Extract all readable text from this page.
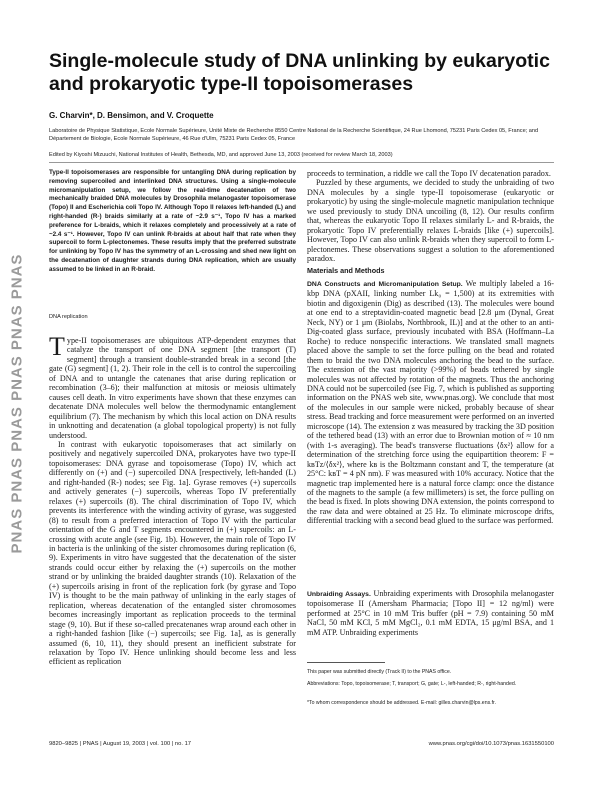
PNAS PNAS PNAS PNAS PNAS PNAS
Single-molecule study of DNA unlinking by eukaryotic and prokaryotic type-II topoisomerases

G. Charvin*, D. Bensimon, and V. Croquette

Laboratoire de Physique Statistique, Ecole Normale Supérieure, Unité Mixte de Recherche 8550 Centre National de la Recherche Scientifique, 24 Rue Lhomond, 75231 Paris Cedex 05, France; and Département de Biologie, Ecole Normale Supérieure, 46 Rue d'Ulm, 75231 Paris Cedex 05, France

Edited by Kiyoshi Mizuuchi, National Institutes of Health, Bethesda, MD, and approved June 13, 2003 (received for review March 18, 2003)

Type-II topoisomerases are responsible for untangling DNA during replication by removing supercoiled and interlinked DNA structures. Using a single-molecule micromanipulation setup, we follow the real-time decatenation of two mechanically braided DNA molecules by Drosophila melanogaster topoisomerase (Topo) II and Escherichia coli Topo IV. Although Topo II relaxes left-handed (L) and right-handed (R-) braids similarly at a rate of ~2.9 s⁻¹, Topo IV has a marked preference for L-braids, which it relaxes completely and processively at a rate of ~2.4 s⁻¹. However, Topo IV can unlink R-braids at about half that rate when they supercoil to form L-plectonemes. These results imply that the preferred substrate for unlinking by Topo IV has the symmetry of an L-crossing and shed new light on the decatenation of daughter strands during DNA replication, which are usually assumed to be linked in an R-braid.

DNA replication

Type-II topoisomerases are ubiquitous ATP-dependent enzymes that catalyze the transport of one DNA segment [the transport (T) segment] through a transient double-stranded break in a second [the gate (G) segment] (1, 2). Their role in the cell is to control the supercoiling of DNA and to untangle the catenanes that arise during replication or recombination (3–6); their malfunction at mitosis or meiosis ultimately causes cell death. In vitro experiments have shown that these enzymes can decatenate DNA molecules well below the thermodynamic entanglement equilibrium (7). The mechanism by which this local action on DNA results in unknotting and decatenation (a global topological property) is not fully understood.

In contrast with eukaryotic topoisomerases that act similarly on positively and negatively supercoiled DNA, prokaryotes have two type-II topoisomerases: DNA gyrase and topoisomerase (Topo) IV, which act differently on (+) and (−) supercoiled DNA [respectively, left-handed (L) and right-handed (R-) nodes; see Fig. 1a]. Gyrase removes (+) supercoils and actively generates (−) supercoils, whereas Topo IV preferentially relaxes (+) supercoils (8). The chiral discrimination of Topo IV, which prevents its interference with the winding activity of gyrase, was suggested (8) to result from a preferred interaction of Topo IV with the particular orientation of the G and T segments encountered in (+) supercoils: an L-crossing with acute angle (see Fig. 1b). However, the main role of Topo IV in bacteria is the unlinking of the sister chromosomes during replication (6, 9). Experiments in vitro have suggested that the decatenation of the sister strands could occur either by relaxing the (+) supercoils on the mother strand or by unlinking the braided daughter strands (10). Relaxation of the (+) supercoils arising in front of the replication fork (by gyrase and Topo IV) is thought to be the main pathway of unlinking in the early stages of replication, whereas decatenation of the entangled sister chromosomes becomes increasingly important as replication proceeds to the terminal stage (9, 10). But if these so-called precatenanes wrap around each other in a right-handed fashion [like (−) supercoils; see Fig. 1a], as is generally assumed (6, 10, 11), they should present an inefficient substrate for relaxation by Topo IV. Hence unlinking should become less and less efficient as replication

proceeds to termination, a riddle we call the Topo IV decatenation paradox.

Puzzled by these arguments, we decided to study the unbraiding of two DNA molecules by a single type-II topoisomerase (eukaryotic or prokaryotic) by using the single-molecule magnetic manipulation technique we used previously to study DNA uncoiling (8, 12). Our results confirm that, whereas the eukaryotic Topo II relaxes similarly L- and R-braids, the prokaryotic Topo IV preferentially relaxes L-braids [like (+) supercoils]. However, Topo IV can also unlink R-braids when they supercoil to form L-plectonemes. These observations suggest a solution to the aforementioned paradox.

Materials and Methods

DNA Constructs and Micromanipulation Setup. We multiply labeled a 16-kbp DNA (pXAII, linking number Lk₀ = 1,500) at its extremities with biotin and digoxigenin (Dig) as described (13). The molecules were bound at one end to a streptavidin-coated magnetic bead [2.8 μm (Dynal, Great Neck, NY) or 1 μm (Biolabs, Northbrook, IL)] and at the other to an anti-Dig-coated glass surface, previously incubated with BSA (Hoffmann–La Roche) to reduce nonspecific interactions. We translated small magnets placed above the sample to set the force pulling on the bead and rotated them to braid the two DNA molecules anchoring the bead to the surface. The extension of the vast majority (>99%) of beads tethered by single molecules was not affected by rotation of the magnets. Thus the anchoring DNA could not be supercoiled (see Fig. 7, which is published as supporting information on the PNAS web site, www.pnas.org). We conclude that most of the molecules in our sample were nicked, probably because of shear stress. Bead tracking and force measurement were performed on an inverted microscope (14). The extension z was measured by tracking the 3D position of the tethered bead (13) with an error due to Brownian motion of ≈ 10 nm (with 1-s averaging). The bead's transverse fluctuations ⟨δx²⟩ allow for a determination of the stretching force using the equipartition theorem: F = kʙTz/⟨δx²⟩, where kʙ is the Boltzmann constant and T, the temperature (at 25°C: kʙT = 4 pN nm). F was measured with 10% accuracy. Notice that the magnetic trap implemented here is a natural force clamp: once the distance of the magnets to the sample (a few millimeters) is set, the force pulling on the bead is fixed. In plots showing DNA extension, the points correspond to the raw data and were obtained at 25 Hz. To eliminate microscope drifts, differential tracking with a second bead glued to the surface was performed.

Unbraiding Assays. Unbraiding experiments with Drosophila melanogaster topoisomerase II (Amersham Pharmacia; [Topo II] = 12 ng/ml) were performed at 25°C in 10 mM Tris buffer (pH = 7.9) containing 50 mM NaCl, 50 mM KCl, 5 mM MgCl₂, 0.1 mM EDTA, 15 μg/ml BSA, and 1 mM ATP. Unbraiding experiments

This paper was submitted directly (Track II) to the PNAS office.

Abbreviations: Topo, topoisomerase; T, transport; G, gate; L-, left-handed; R-, right-handed.

*To whom correspondence should be addressed. E-mail: gilles.charvin@lps.ens.fr.

9820–9825 | PNAS | August 19, 2003 | vol. 100 | no. 17	www.pnas.org/cgi/doi/10.1073/pnas.1631550100
